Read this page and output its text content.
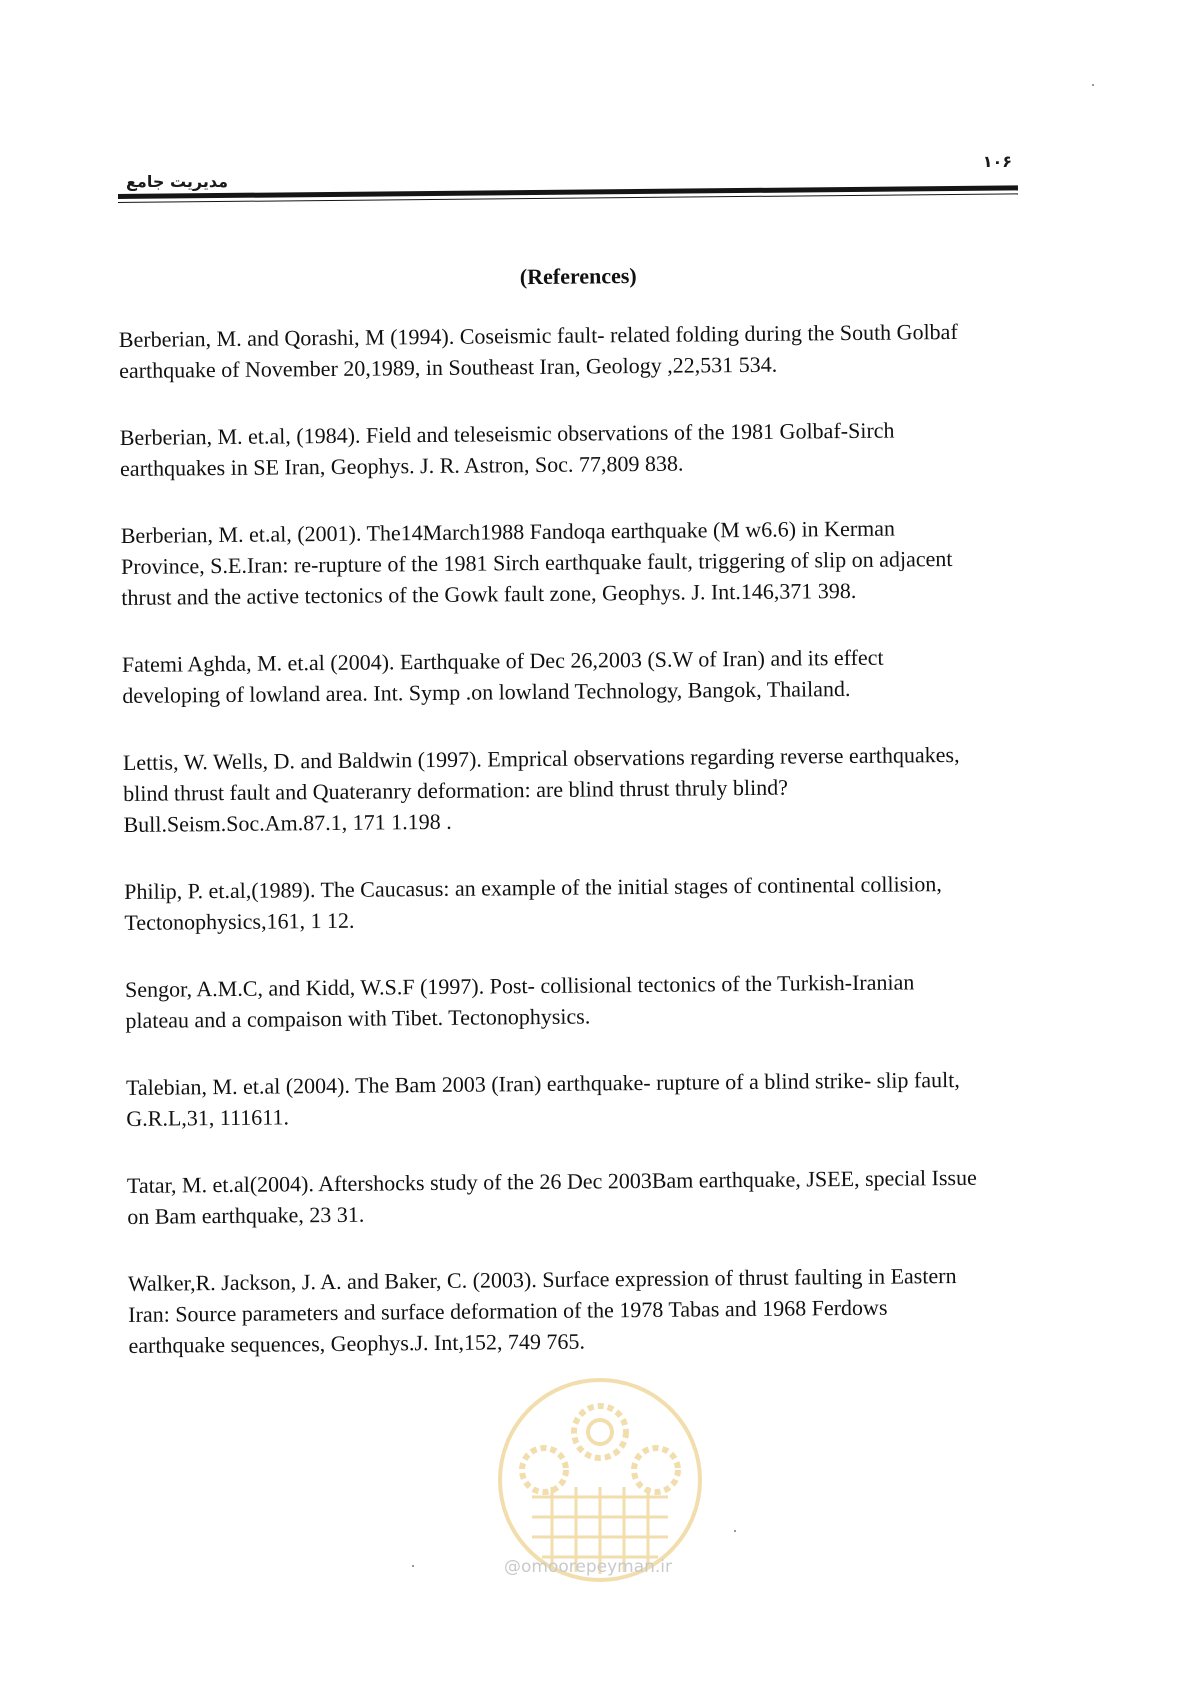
مدیریت جامع
۱۰۶
(References)

Berberian, M. and Qorashi, M (1994). Coseismic fault- related folding during the South Golbaf earthquake of November 20,1989, in Southeast Iran, Geology ,22,531 534.

Berberian, M. et.al, (1984). Field and teleseismic observations of the 1981 Golbaf-Sirch earthquakes in SE Iran, Geophys. J. R. Astron, Soc. 77,809 838.

Berberian, M. et.al, (2001). The14March1988 Fandoqa earthquake (M w6.6) in Kerman Province, S.E.Iran: re-rupture of the 1981 Sirch earthquake fault, triggering of slip on adjacent thrust and the active tectonics of the Gowk fault zone, Geophys. J. Int.146,371 398.

Fatemi Aghda, M. et.al (2004). Earthquake of Dec 26,2003 (S.W of Iran) and its effect developing of lowland area. Int. Symp .on lowland Technology, Bangok, Thailand.

Lettis, W. Wells, D. and Baldwin (1997). Emprical observations regarding reverse earthquakes, blind thrust fault and Quateranry deformation: are blind thrust thruly blind? Bull.Seism.Soc.Am.87.1, 171 1.198 .

Philip, P. et.al,(1989). The Caucasus: an example of the initial stages of continental collision, Tectonophysics,161, 1 12.

Sengor, A.M.C, and Kidd, W.S.F (1997). Post- collisional tectonics of the Turkish-Iranian plateau and a compaison with Tibet. Tectonophysics.

Talebian, M. et.al (2004). The Bam 2003 (Iran) earthquake- rupture of a blind strike- slip fault, G.R.L,31, 111611.

Tatar, M. et.al(2004). Aftershocks study of the 26 Dec 2003Bam earthquake, JSEE, special Issue on Bam earthquake, 23 31.

Walker,R. Jackson, J. A. and Baker, C. (2003). Surface expression of thrust faulting in Eastern Iran: Source parameters and surface deformation of the 1978 Tabas and 1968 Ferdows earthquake sequences, Geophys.J. Int,152, 749 765.

@omoorepeyman.ir
